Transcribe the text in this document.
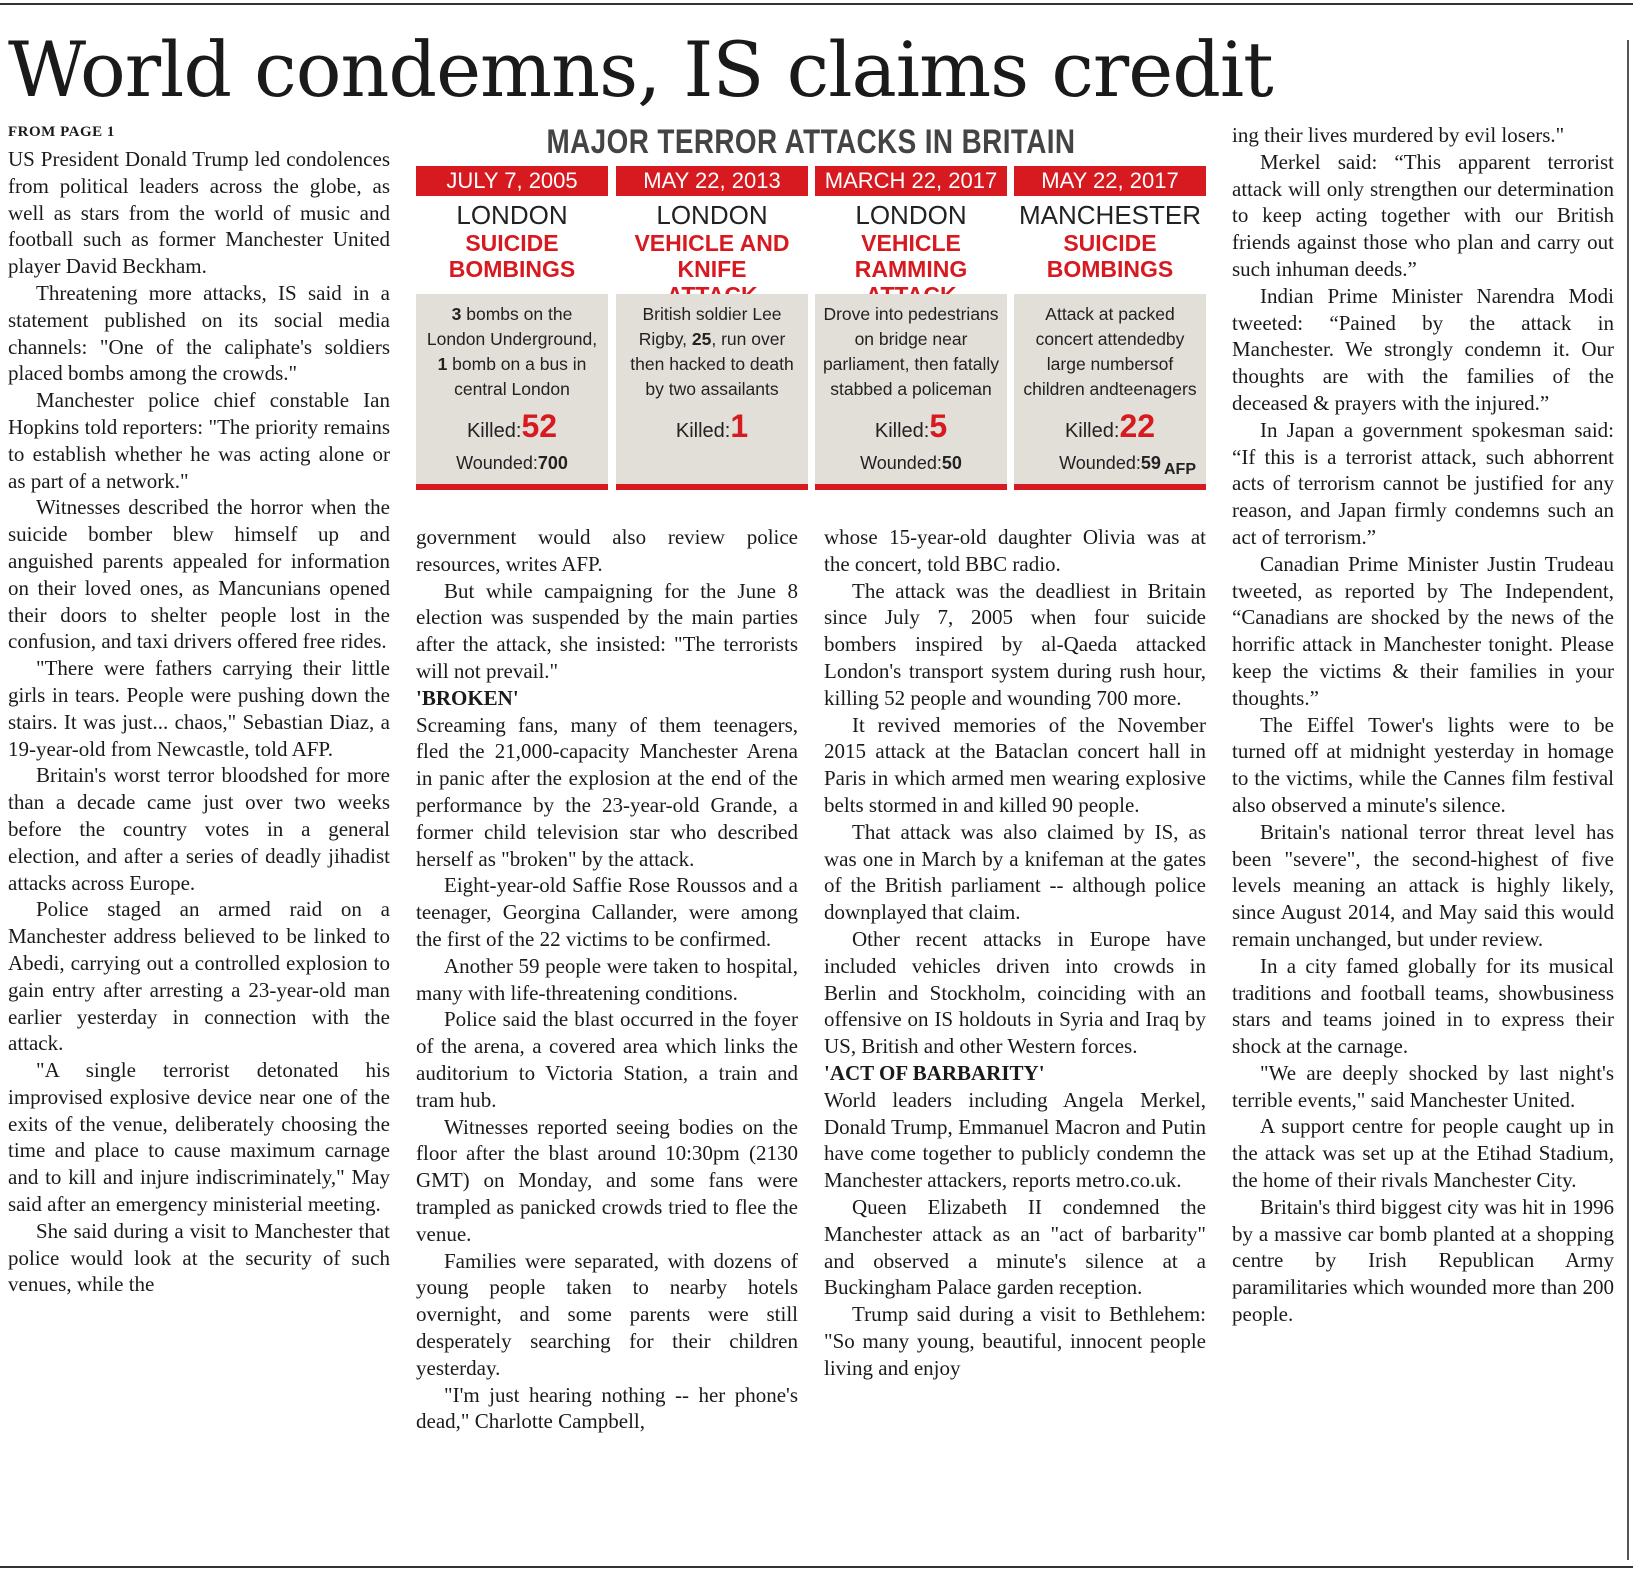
World condemns, IS claims credit
FROM PAGE 1

US President Donald Trump led condolences from political leaders across the globe, as well as stars from the world of music and football such as former Manchester United player David Beckham.

Threatening more attacks, IS said in a statement published on its social media channels: "One of the caliphate's soldiers placed bombs among the crowds."

Manchester police chief constable Ian Hopkins told reporters: "The priority remains to establish whether he was acting alone or as part of a network."

Witnesses described the horror when the suicide bomber blew himself up and anguished parents appealed for information on their loved ones, as Mancunians opened their doors to shelter people lost in the confusion, and taxi drivers offered free rides.

"There were fathers carrying their little girls in tears. People were pushing down the stairs. It was just... chaos," Sebastian Diaz, a 19-year-old from Newcastle, told AFP.

Britain's worst terror bloodshed for more than a decade came just over two weeks before the country votes in a general election, and after a series of deadly jihadist attacks across Europe.

Police staged an armed raid on a Manchester address believed to be linked to Abedi, carrying out a controlled explosion to gain entry after arresting a 23-year-old man earlier yesterday in connection with the attack.

"A single terrorist detonated his improvised explosive device near one of the exits of the venue, deliberately choosing the time and place to cause maximum carnage and to kill and injure indiscriminately," May said after an emergency ministerial meeting.

She said during a visit to Manchester that police would look at the security of such venues, while the

government would also review police resources, writes AFP.

But while campaigning for the June 8 election was suspended by the main parties after the attack, she insisted: "The terrorists will not prevail."

'BROKEN'

Screaming fans, many of them teenagers, fled the 21,000-capacity Manchester Arena in panic after the explosion at the end of the performance by the 23-year-old Grande, a former child television star who described herself as "broken" by the attack.

Eight-year-old Saffie Rose Roussos and a teenager, Georgina Callander, were among the first of the 22 victims to be confirmed.

Another 59 people were taken to hospital, many with life-threatening conditions.

Police said the blast occurred in the foyer of the arena, a covered area which links the auditorium to Victoria Station, a train and tram hub.

Witnesses reported seeing bodies on the floor after the blast around 10:30pm (2130 GMT) on Monday, and some fans were trampled as panicked crowds tried to flee the venue.

Families were separated, with dozens of young people taken to nearby hotels overnight, and some parents were still desperately searching for their children yesterday.

"I'm just hearing nothing -- her phone's dead," Charlotte Campbell,

whose 15-year-old daughter Olivia was at the concert, told BBC radio.

The attack was the deadliest in Britain since July 7, 2005 when four suicide bombers inspired by al-Qaeda attacked London's transport system during rush hour, killing 52 people and wounding 700 more.

It revived memories of the November 2015 attack at the Bataclan concert hall in Paris in which armed men wearing explosive belts stormed in and killed 90 people.

That attack was also claimed by IS, as was one in March by a knifeman at the gates of the British parliament -- although police downplayed that claim.

Other recent attacks in Europe have included vehicles driven into crowds in Berlin and Stockholm, coinciding with an offensive on IS holdouts in Syria and Iraq by US, British and other Western forces.

'ACT OF BARBARITY'

World leaders including Angela Merkel, Donald Trump, Emmanuel Macron and Putin have come together to publicly condemn the Manchester attackers, reports metro.co.uk.

Queen Elizabeth II condemned the Manchester attack as an "act of barbarity" and observed a minute's silence at a Buckingham Palace garden reception.

Trump said during a visit to Bethlehem: "So many young, beautiful, innocent people living and enjoy

ing their lives murdered by evil losers."

Merkel said: “This apparent terrorist attack will only strengthen our determination to keep acting together with our British friends against those who plan and carry out such inhuman deeds.”

Indian Prime Minister Narendra Modi tweeted: “Pained by the attack in Manchester. We strongly condemn it. Our thoughts are with the families of the deceased & prayers with the injured.”

In Japan a government spokesman said: “If this is a terrorist attack, such abhorrent acts of terrorism cannot be justified for any reason, and Japan firmly condemns such an act of terrorism.”

Canadian Prime Minister Justin Trudeau tweeted, as reported by The Independent, “Canadians are shocked by the news of the horrific attack in Manchester tonight. Please keep the victims & their families in your thoughts.”

The Eiffel Tower's lights were to be turned off at midnight yesterday in homage to the victims, while the Cannes film festival also observed a minute's silence.

Britain's national terror threat level has been "severe", the second-highest of five levels meaning an attack is highly likely, since August 2014, and May said this would remain unchanged, but under review.

In a city famed globally for its musical traditions and football teams, showbusiness stars and teams joined in to express their shock at the carnage.

"We are deeply shocked by last night's terrible events," said Manchester United.

A support centre for people caught up in the attack was set up at the Etihad Stadium, the home of their rivals Manchester City.

Britain's third biggest city was hit in 1996 by a massive car bomb planted at a shopping centre by Irish Republican Army paramilitaries which wounded more than 200 people.

MAJOR TERROR ATTACKS IN BRITAIN
JULY 7, 2005
LONDON
SUICIDE
BOMBINGS
3 bombs on the London Underground, 1 bomb on a bus in central London
Killed:52
Wounded:700
MAY 22, 2013
LONDON
VEHICLE AND KNIFE
British soldier Lee Rigby, 25, run over then hacked to death by two assailants
Killed:1
MARCH 22, 2017
LONDON
VEHICLE RAMMING
Drove into pedestrians on bridge near parliament, then fatally stabbed a policeman
Killed:5
Wounded:50
MAY 22, 2017
MANCHESTER
SUICIDE
BOMBINGS
Attack at packed concert attendedby large numbersof children andteenagers
Killed:22
Wounded:59 AFP
